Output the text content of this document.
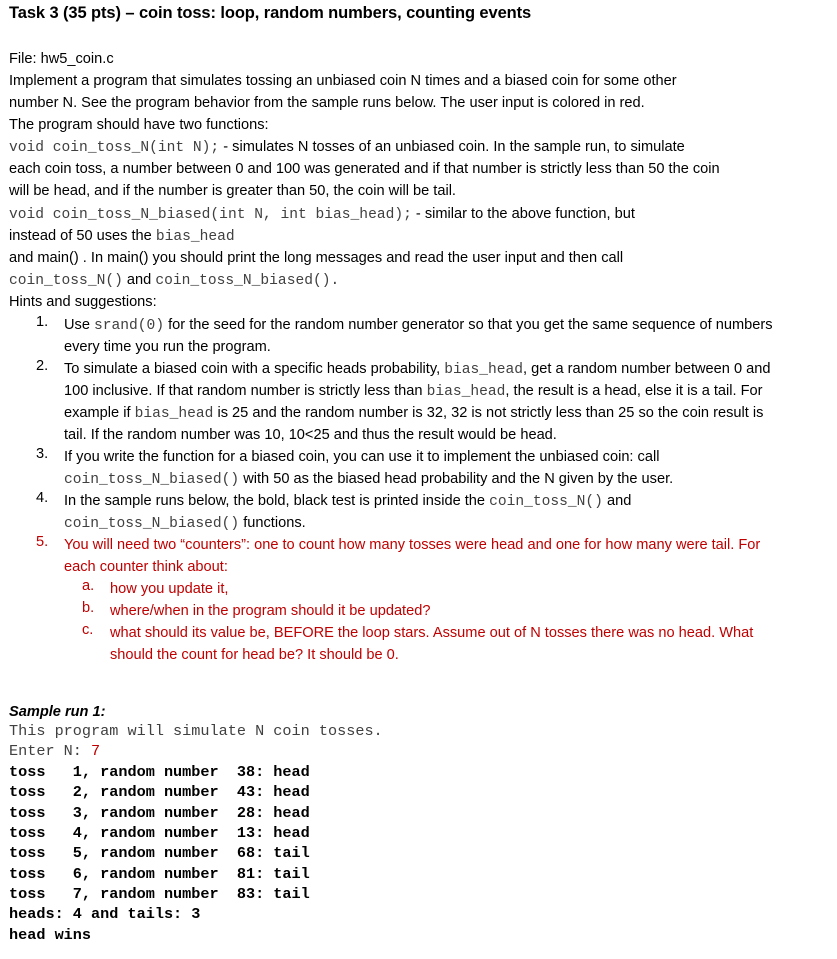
Task 3 (35 pts) – coin toss: loop, random numbers, counting events
File: hw5_coin.c
Implement a program that simulates tossing an unbiased coin N times and a biased coin for some other
number N. See the program behavior from the sample runs below. The user input is colored in red.
The program should have two functions:
void coin_toss_N(int N); - simulates N tosses of an unbiased coin. In the sample run, to simulate
each coin toss, a number between 0 and 100 was generated and if that number is strictly less than 50 the coin
will be head, and if the number is greater than 50, the coin will be tail.
void coin_toss_N_biased(int N, int bias_head); - similar to the above function, but
instead of 50 uses the bias_head
and main() . In main() you should print the long messages and read the user input and then call
coin_toss_N() and coin_toss_N_biased().
Hints and suggestions:
1.	Use srand(0) for the seed for the random number generator so that you get the same sequence of numbers
every time you run the program.
2.	To simulate a biased coin with a specific heads probability, bias_head, get a random number between 0 and
100 inclusive. If that random number is strictly less than bias_head, the result is a head, else it is a tail. For
example if bias_head is 25 and the random number is 32, 32 is not strictly less than 25 so the coin result is
tail. If the random number was 10, 10<25 and thus the result would be head.
3.	If you write the function for a biased coin, you can use it to implement the unbiased coin: call
coin_toss_N_biased() with 50 as the biased head probability and the N given by the user.
4.	In the sample runs below, the bold, black test is printed inside the coin_toss_N() and
coin_toss_N_biased() functions.
5.	You will need two “counters”: one to count how many tosses were head and one for how many were tail. For
each counter think about:
a. how you update it,
b. where/when in the program should it be updated?
c. what should its value be, BEFORE the loop stars. Assume out of N tosses there was no head. What
should the count for head be? It should be 0.
Sample run 1:
This program will simulate N coin tosses.
Enter N: 7
toss   1, random number  38: head
toss   2, random number  43: head
toss   3, random number  28: head
toss   4, random number  13: head
toss   5, random number  68: tail
toss   6, random number  81: tail
toss   7, random number  83: tail
heads: 4 and tails: 3
head wins
